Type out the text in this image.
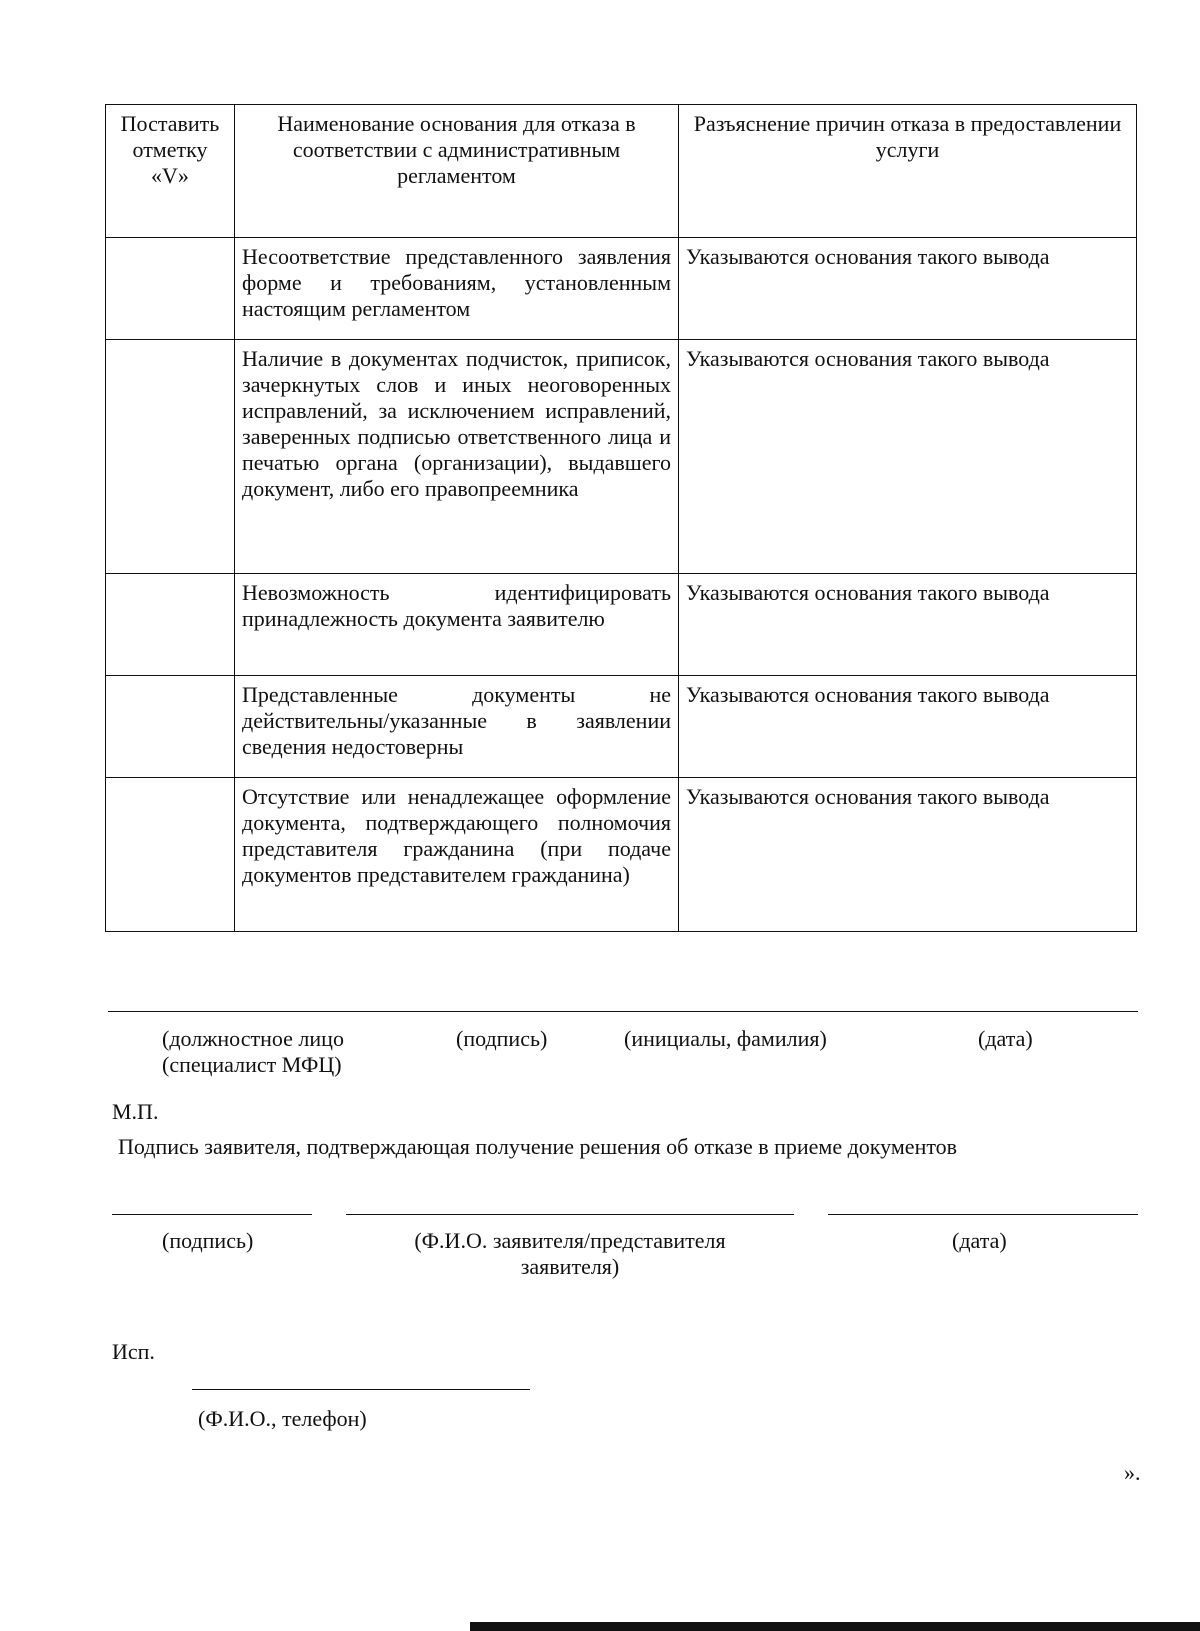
Поставить отметку «V»	Наименование основания для отказа в соответствии с административным регламентом	Разъяснение причин отказа в предоставлении услуги
	Несоответствие представленного заявления форме и требованиям, установленным настоящим регламентом	Указываются основания такого вывода
	Наличие в документах подчисток, приписок, зачеркнутых слов и иных неоговоренных исправлений, за исключением исправлений, заверенных подписью ответственного лица и печатью органа (организации), выдавшего документ, либо его правопреемника	Указываются основания такого вывода
	Невозможность идентифицировать принадлежность документа заявителю	Указываются основания такого вывода
	Представленные документы не действительны/указанные в заявлении сведения недостоверны	Указываются основания такого вывода
	Отсутствие или ненадлежащее оформление документа, подтверждающего полномочия представителя гражданина (при подаче документов представителем гражданина)	Указываются основания такого вывода
(должностное лицо
(специалист МФЦ)
(подпись)	(инициалы, фамилия)	(дата)
М.П.
Подпись заявителя, подтверждающая получение решения об отказе в приеме документов
(подпись)	(Ф.И.О. заявителя/представителя
заявителя)
(дата)
Исп.
(Ф.И.О., телефон)
».
